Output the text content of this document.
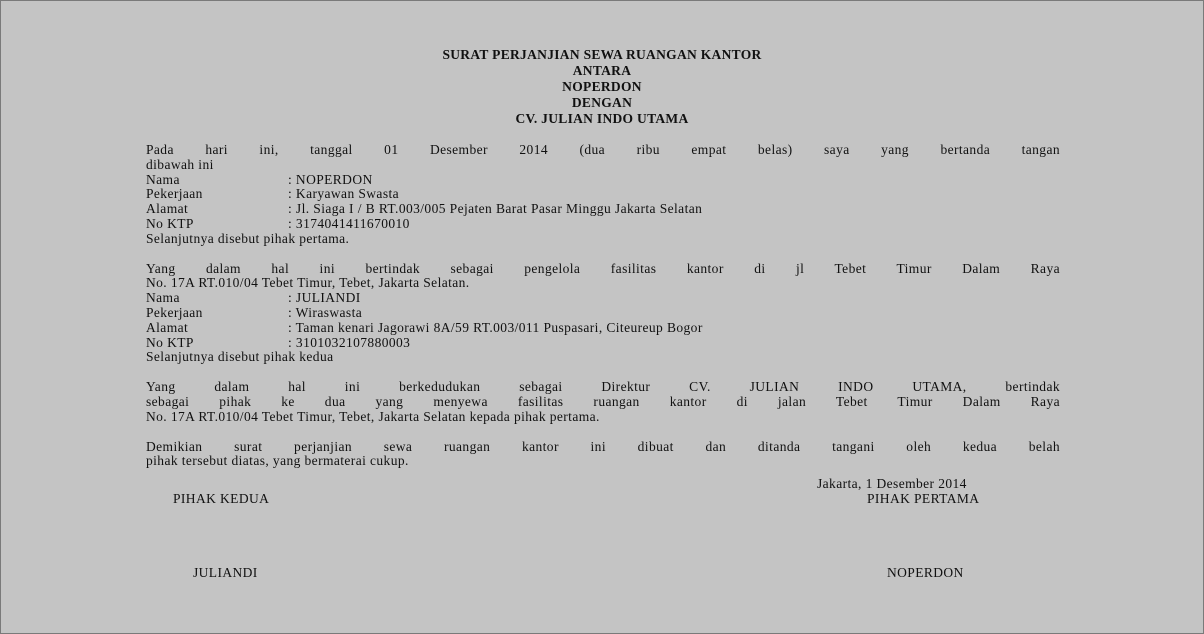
SURAT PERJANJIAN SEWA RUANGAN KANTOR
ANTARA
NOPERDON
DENGAN
CV. JULIAN INDO UTAMA
Pada hari ini, tanggal 01 Desember 2014 (dua ribu empat belas) saya yang bertanda tangan
dibawah ini
Nama	: NOPERDON
Pekerjaan	: Karyawan Swasta
Alamat	: Jl. Siaga I / B RT.003/005 Pejaten Barat Pasar Minggu Jakarta Selatan
No KTP	: 3174041411670010
Selanjutnya disebut pihak pertama.
Yang dalam hal ini bertindak sebagai pengelola fasilitas kantor di jl Tebet Timur Dalam Raya
No. 17A RT.010/04 Tebet Timur, Tebet, Jakarta Selatan.
Nama	: JULIANDI
Pekerjaan	: Wiraswasta
Alamat	: Taman kenari Jagorawi 8A/59 RT.003/011 Puspasari, Citeureup Bogor
No KTP	: 3101032107880003
Selanjutnya disebut pihak kedua
Yang dalam hal ini berkedudukan sebagai Direktur CV. JULIAN INDO UTAMA, bertindak
sebagai pihak ke dua yang menyewa fasilitas ruangan kantor di jalan Tebet Timur Dalam Raya
No. 17A RT.010/04 Tebet Timur, Tebet, Jakarta Selatan kepada pihak pertama.
Demikian surat perjanjian sewa ruangan kantor ini dibuat dan ditanda tangani oleh kedua belah
pihak tersebut diatas, yang bermaterai cukup.
Jakarta, 1 Desember 2014
PIHAK KEDUA	PIHAK PERTAMA
JULIANDI	NOPERDON
